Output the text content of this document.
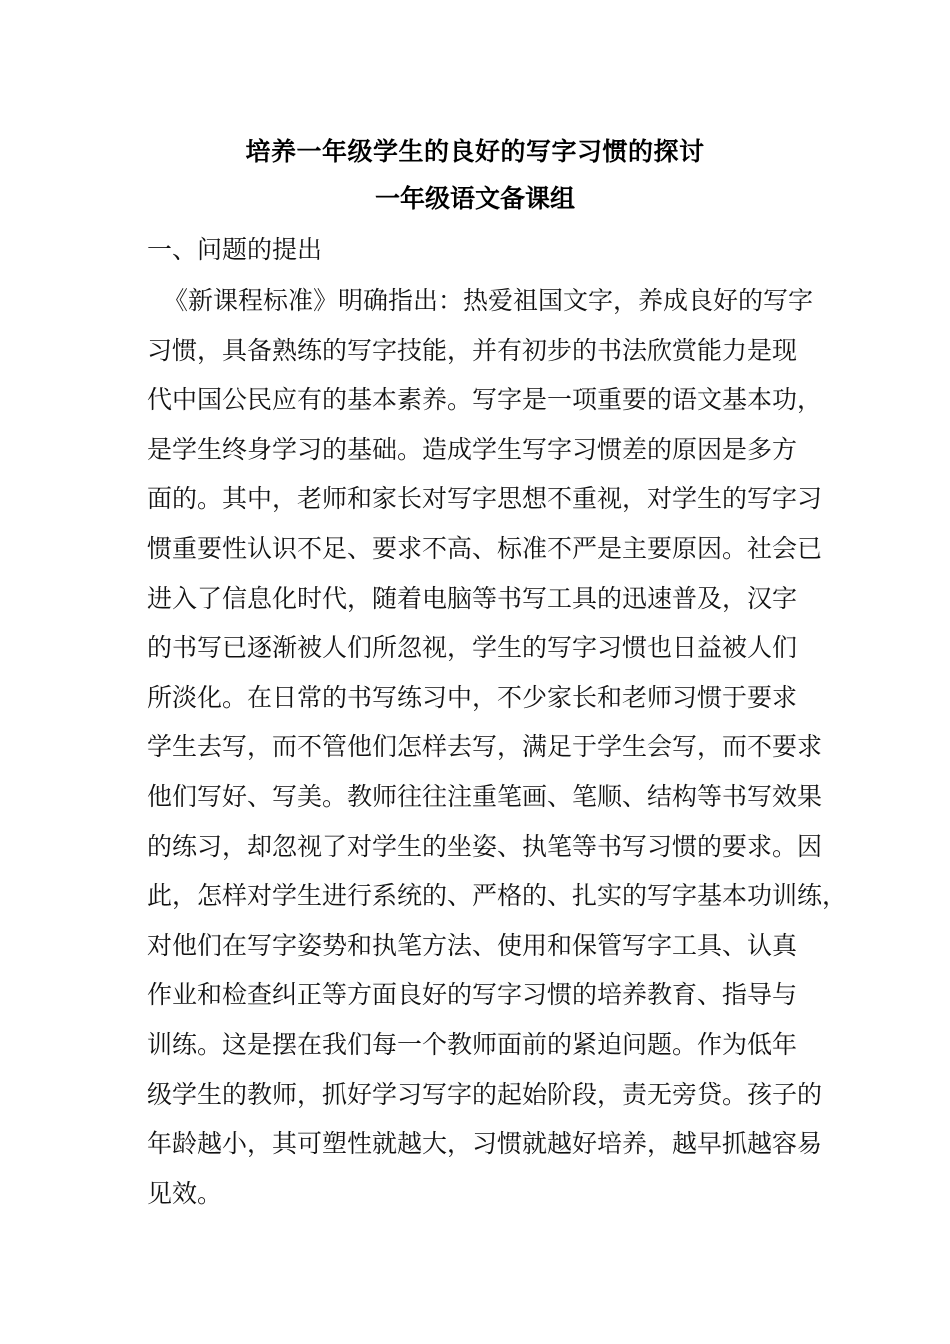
培养一年级学生的良好的写字习惯的探讨
一年级语文备课组
一、问题的提出
《新课程标准》明确指出：热爱祖国文字，养成良好的写字
习惯，具备熟练的写字技能，并有初步的书法欣赏能力是现
代中国公民应有的基本素养。写字是一项重要的语文基本功，
是学生终身学习的基础。造成学生写字习惯差的原因是多方
面的。其中，老师和家长对写字思想不重视，对学生的写字习
惯重要性认识不足、要求不高、标准不严是主要原因。社会已
进入了信息化时代，随着电脑等书写工具的迅速普及，汉字
的书写已逐渐被人们所忽视，学生的写字习惯也日益被人们
所淡化。在日常的书写练习中，不少家长和老师习惯于要求
学生去写，而不管他们怎样去写，满足于学生会写，而不要求
他们写好、写美。教师往往注重笔画、笔顺、结构等书写效果
的练习，却忽视了对学生的坐姿、执笔等书写习惯的要求。因
此，怎样对学生进行系统的、严格的、扎实的写字基本功训练，
对他们在写字姿势和执笔方法、使用和保管写字工具、认真
作业和检查纠正等方面良好的写字习惯的培养教育、指导与
训练。这是摆在我们每一个教师面前的紧迫问题。作为低年
级学生的教师，抓好学习写字的起始阶段，责无旁贷。孩子的
年龄越小，其可塑性就越大，习惯就越好培养，越早抓越容易
见效。
